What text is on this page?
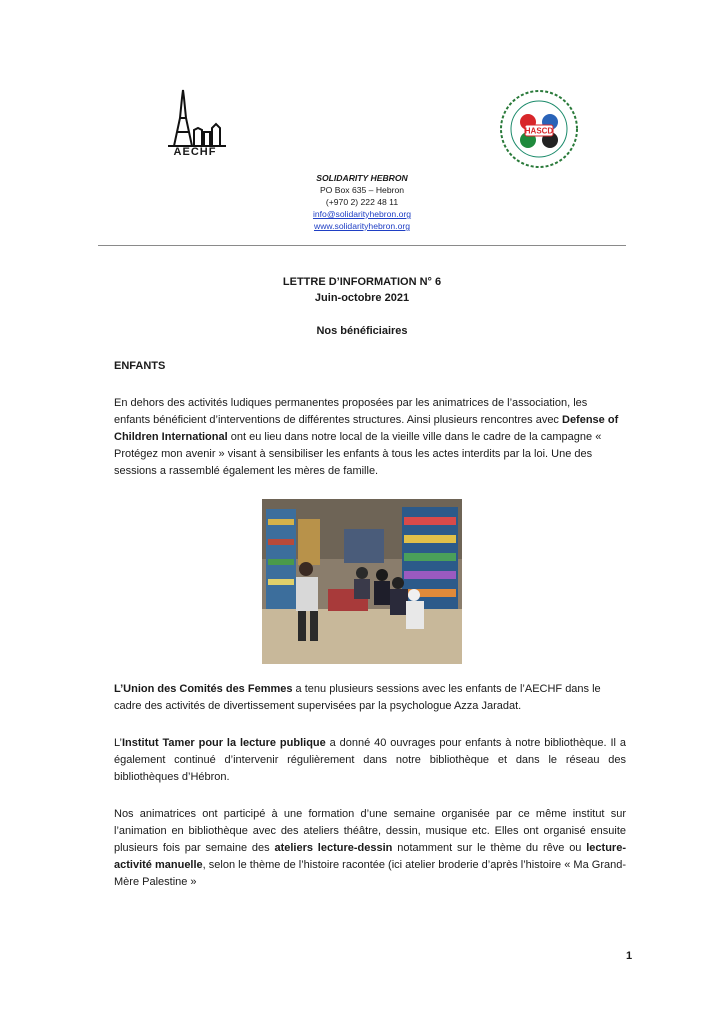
AECHF
HASCD
SOLIDARITY HEBRON
PO Box 635 – Hebron
(+970 2) 222 48 11
info@solidarityhebron.org
www.solidarityhebron.org
LETTRE D’INFORMATION N° 6
Juin-octobre 2021
Nos bénéficiaires
ENFANTS
En dehors des activités ludiques permanentes proposées par les animatrices de l’association, les enfants bénéficient d’interventions de différentes structures. Ainsi plusieurs rencontres avec Defense of Children International ont eu lieu dans notre local de la vieille ville dans le cadre de la campagne « Protégez mon avenir » visant à sensibiliser les enfants à tous les actes interdits par la loi. Une des sessions a rassemblé également les mères de famille.
L’Union des Comités des Femmes a tenu plusieurs sessions avec les enfants de l’AECHF dans le cadre des activités de divertissement supervisées par la psychologue Azza Jaradat.
L’Institut Tamer pour la lecture publique a donné 40 ouvrages pour enfants à notre bibliothèque. Il a également continué d’intervenir régulièrement dans notre bibliothèque et dans le réseau des bibliothèques d’Hébron.
Nos animatrices ont participé à une formation d’une semaine organisée par ce même institut sur l’animation en bibliothèque avec des ateliers théâtre, dessin, musique etc. Elles ont organisé ensuite plusieurs fois par semaine des ateliers lecture-dessin notamment sur le thème du rêve ou lecture-activité manuelle, selon le thème de l’histoire racontée (ici atelier broderie d’après l’histoire « Ma Grand-Mère Palestine »
1
